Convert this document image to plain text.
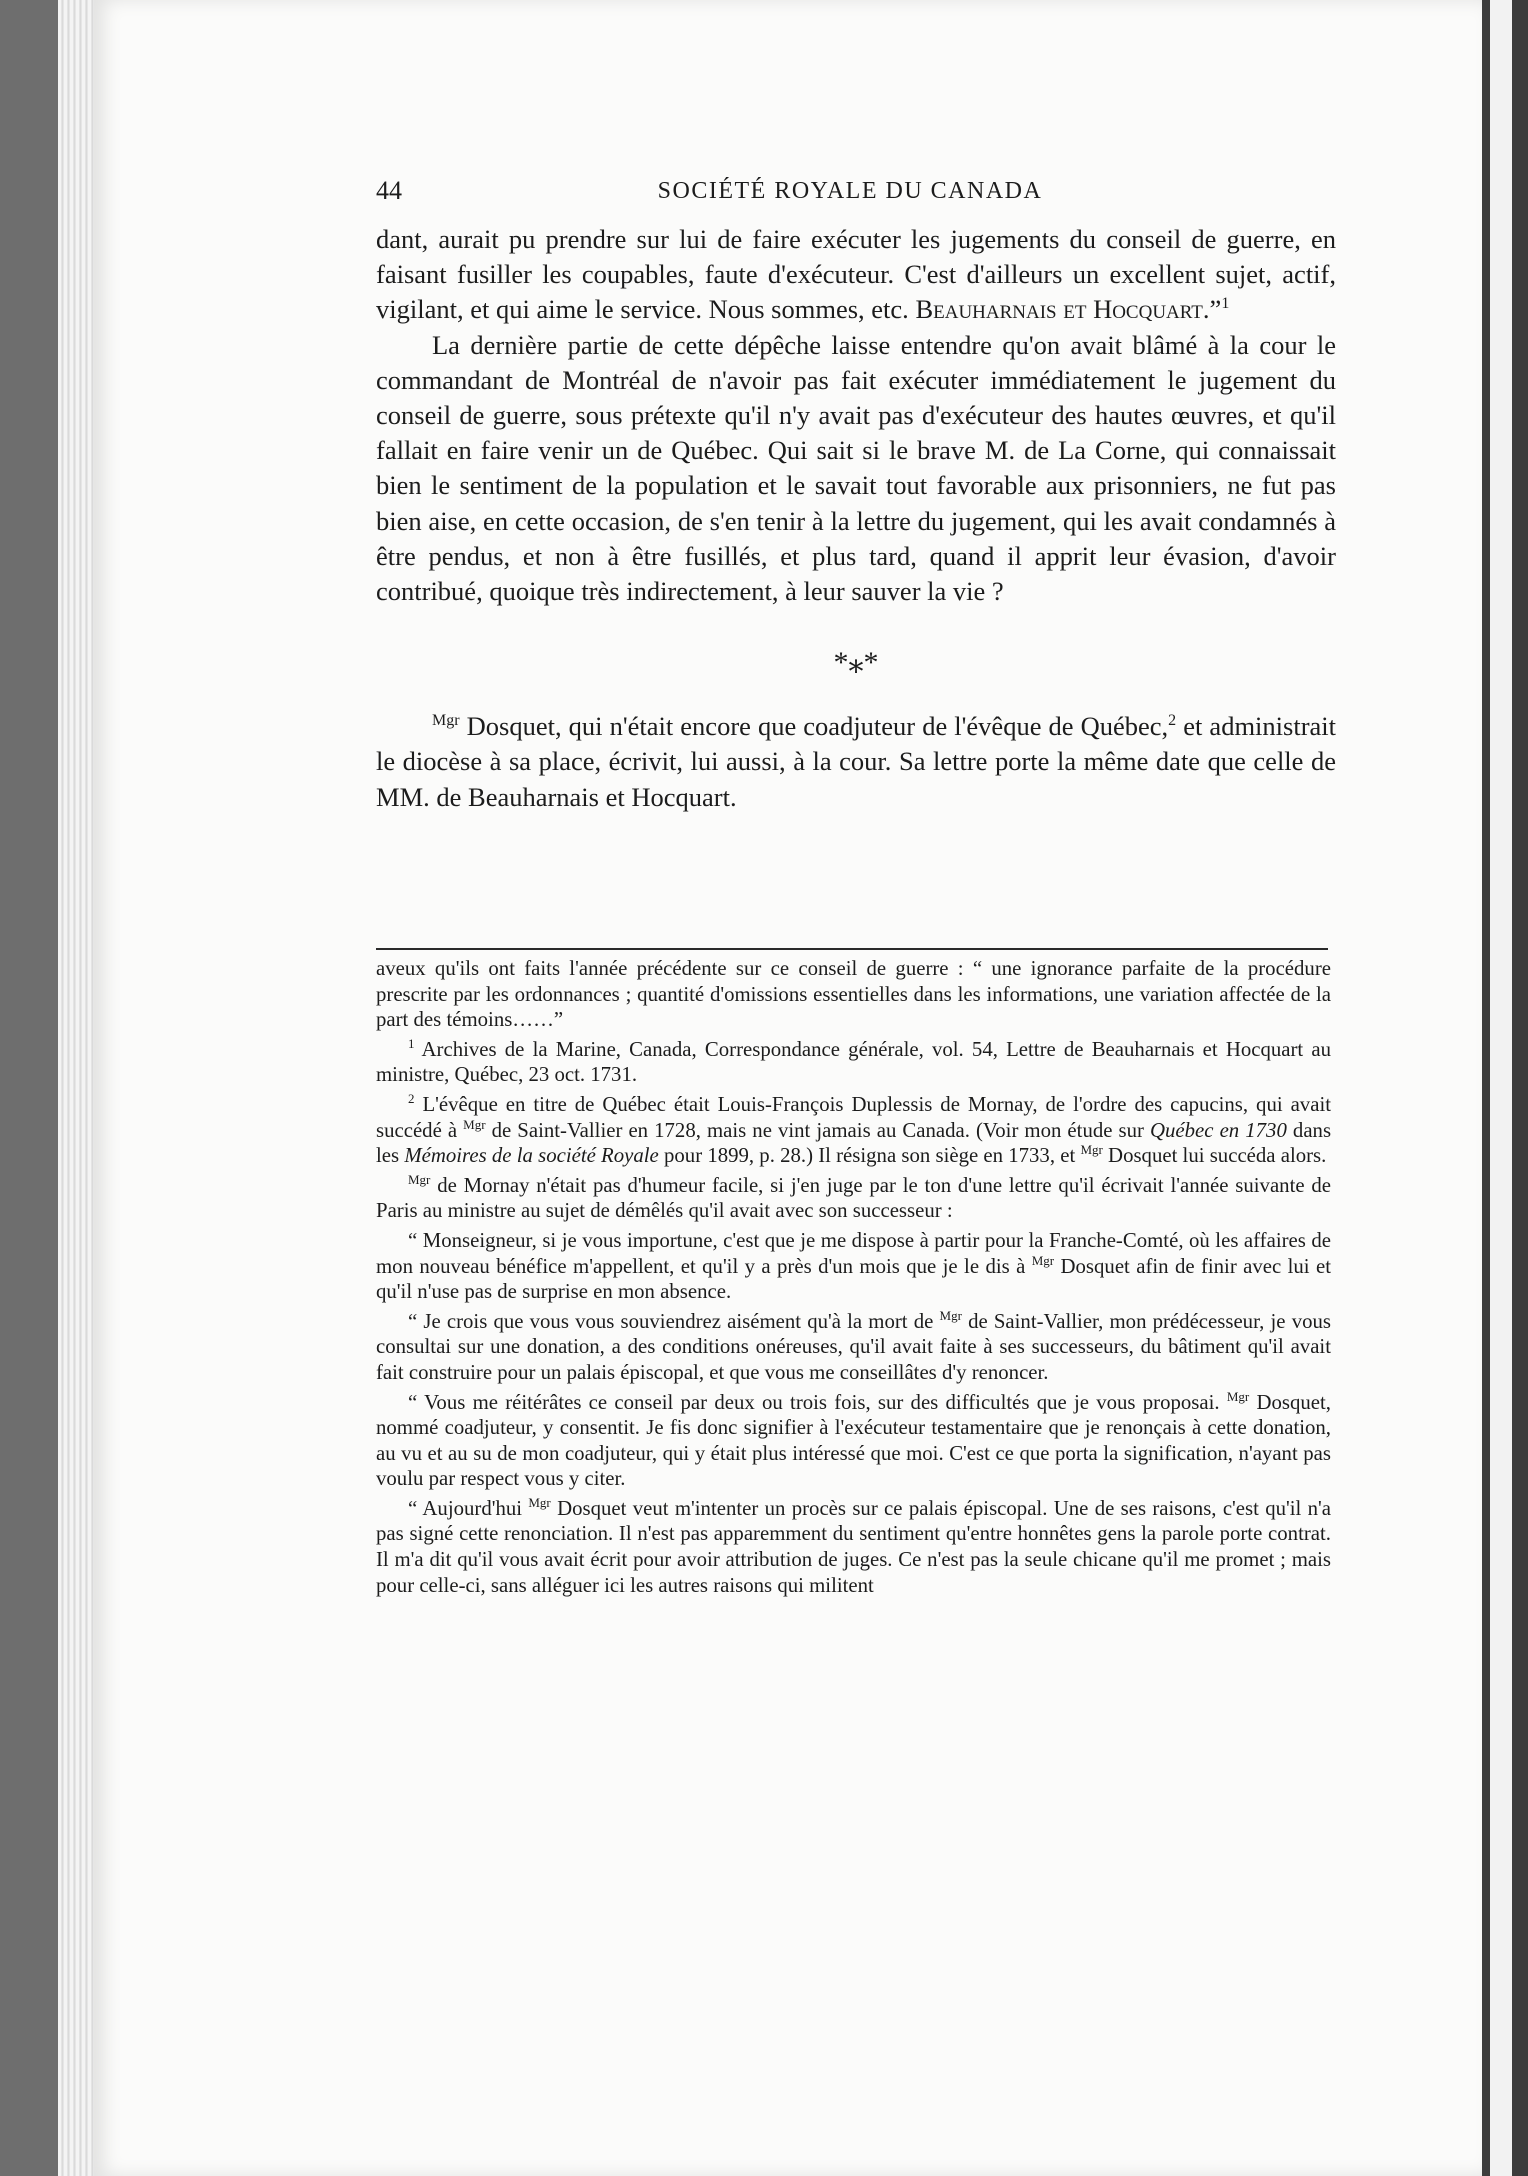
44	SOCIÉTÉ ROYALE DU CANADA

dant, aurait pu prendre sur lui de faire exécuter les jugements du conseil de guerre, en faisant fusiller les coupables, faute d'exécuteur. C'est d'ailleurs un excellent sujet, actif, vigilant, et qui aime le service. Nous sommes, etc. Beauharnais et Hocquart.”$^1$

La dernière partie de cette dépêche laisse entendre qu'on avait blâmé à la cour le commandant de Montréal de n'avoir pas fait exécuter immédiatement le jugement du conseil de guerre, sous prétexte qu'il n'y avait pas d'exécuteur des hautes œuvres, et qu'il fallait en faire venir un de Québec. Qui sait si le brave M. de La Corne, qui connaissait bien le sentiment de la population et le savait tout favorable aux prisonniers, ne fut pas bien aise, en cette occasion, de s'en tenir à la lettre du jugement, qui les avait condamnés à être pendus, et non à être fusillés, et plus tard, quand il apprit leur évasion, d'avoir contribué, quoique très indirectement, à leur sauver la vie ?

*⁎*

$^{Mgr}$ Dosquet, qui n'était encore que coadjuteur de l'évêque de Québec,$^2$ et administrait le diocèse à sa place, écrivit, lui aussi, à la cour. Sa lettre porte la même date que celle de MM. de Beauharnais et Hocquart.

aveux qu'ils ont faits l'année précédente sur ce conseil de guerre : “ une ignorance parfaite de la procédure prescrite par les ordonnances ; quantité d'omissions essentielles dans les informations, une variation affectée de la part des témoins……”

$^1$ Archives de la Marine, Canada, Correspondance générale, vol. 54, Lettre de Beauharnais et Hocquart au ministre, Québec, 23 oct. 1731.

$^2$ L'évêque en titre de Québec était Louis-François Duplessis de Mornay, de l'ordre des capucins, qui avait succédé à $^{Mgr}$ de Saint-Vallier en 1728, mais ne vint jamais au Canada. (Voir mon étude sur Québec en 1730 dans les Mémoires de la société Royale pour 1899, p. 28.) Il résigna son siège en 1733, et $^{Mgr}$ Dosquet lui succéda alors.

$^{Mgr}$ de Mornay n'était pas d'humeur facile, si j'en juge par le ton d'une lettre qu'il écrivait l'année suivante de Paris au ministre au sujet de démêlés qu'il avait avec son successeur :

“ Monseigneur, si je vous importune, c'est que je me dispose à partir pour la Franche-Comté, où les affaires de mon nouveau bénéfice m'appellent, et qu'il y a près d'un mois que je le dis à $^{Mgr}$ Dosquet afin de finir avec lui et qu'il n'use pas de surprise en mon absence.

“ Je crois que vous vous souviendrez aisément qu'à la mort de $^{Mgr}$ de Saint-Vallier, mon prédécesseur, je vous consultai sur une donation, a des conditions onéreuses, qu'il avait faite à ses successeurs, du bâtiment qu'il avait fait construire pour un palais épiscopal, et que vous me conseillâtes d'y renoncer.

“ Vous me réitérâtes ce conseil par deux ou trois fois, sur des difficultés que je vous proposai. $^{Mgr}$ Dosquet, nommé coadjuteur, y consentit. Je fis donc signifier à l'exécuteur testamentaire que je renonçais à cette donation, au vu et au su de mon coadjuteur, qui y était plus intéressé que moi. C'est ce que porta la signification, n'ayant pas voulu par respect vous y citer.

“ Aujourd'hui $^{Mgr}$ Dosquet veut m'intenter un procès sur ce palais épiscopal. Une de ses raisons, c'est qu'il n'a pas signé cette renonciation. Il n'est pas apparemment du sentiment qu'entre honnêtes gens la parole porte contrat. Il m'a dit qu'il vous avait écrit pour avoir attribution de juges. Ce n'est pas la seule chicane qu'il me promet ; mais pour celle-ci, sans alléguer ici les autres raisons qui militent
